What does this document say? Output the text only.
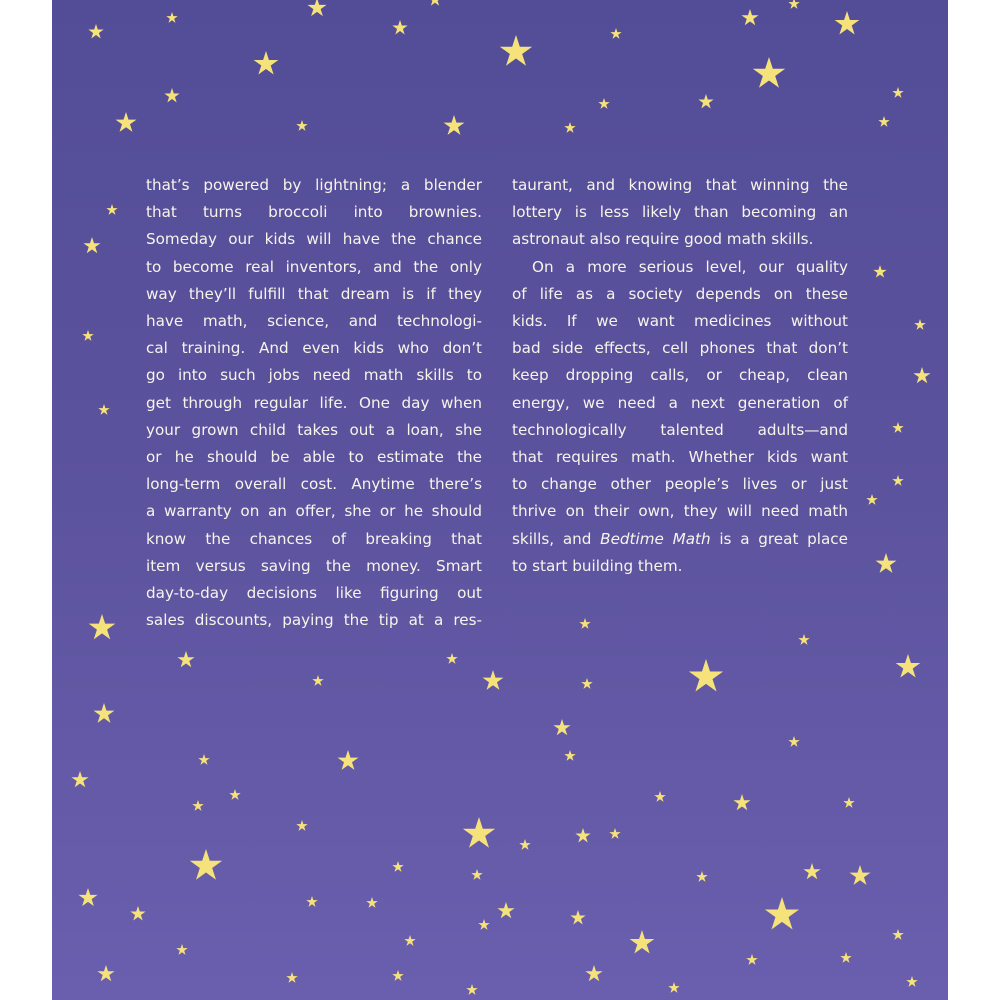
that’s powered by lightning; a blender
that turns broccoli into brownies.
Someday our kids will have the chance
to become real inventors, and the only
way they’ll fulfill that dream is if they
have math, science, and technologi-
cal training. And even kids who don’t
go into such jobs need math skills to
get through regular life. One day when
your grown child takes out a loan, she
or he should be able to estimate the
long-term overall cost. Anytime there’s
a warranty on an offer, she or he should
know the chances of breaking that
item versus saving the money. Smart
day-to-day decisions like figuring out
sales discounts, paying the tip at a res-
taurant, and knowing that winning the
lottery is less likely than becoming an
astronaut also require good math skills.
On a more serious level, our quality
of life as a society depends on these
kids. If we want medicines without
bad side effects, cell phones that don’t
keep dropping calls, or cheap, clean
energy, we need a next generation of
technologically talented adults—and
that requires math. Whether kids want
to change other people’s lives or just
thrive on their own, they will need math
skills, and Bedtime Math is a great place
to start building them.
